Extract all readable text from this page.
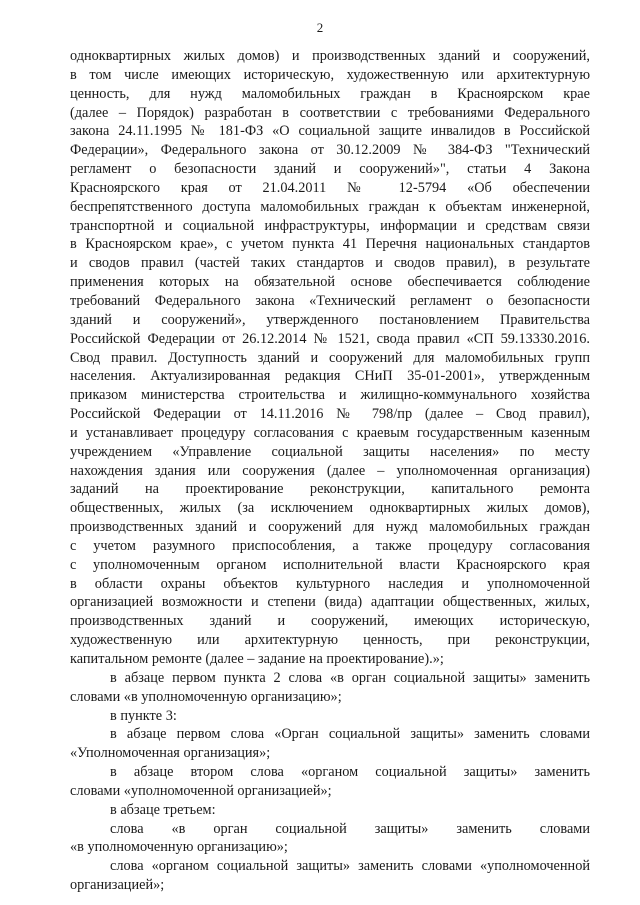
2
одноквартирных жилых домов) и производственных зданий и сооружений,
в том числе имеющих историческую, художественную или архитектурную
ценность, для нужд маломобильных граждан в Красноярском крае
(далее – Порядок) разработан в соответствии с требованиями Федерального
закона 24.11.1995 № 181-ФЗ «О социальной защите инвалидов в Российской
Федерации», Федерального закона от 30.12.2009 № 384-ФЗ "Технический
регламент о безопасности зданий и сооружений»", статьи 4 Закона
Красноярского края от 21.04.2011 № 12-5794 «Об обеспечении
беспрепятственного доступа маломобильных граждан к объектам инженерной,
транспортной и социальной инфраструктуры, информации и средствам связи
в Красноярском крае», с учетом пункта 41 Перечня национальных стандартов
и сводов правил (частей таких стандартов и сводов правил), в результате
применения которых на обязательной основе обеспечивается соблюдение
требований Федерального закона «Технический регламент о безопасности
зданий и сооружений», утвержденного постановлением Правительства
Российской Федерации от 26.12.2014 № 1521, свода правил «СП 59.13330.2016.
Свод правил. Доступность зданий и сооружений для маломобильных групп
населения. Актуализированная редакция СНиП 35-01-2001», утвержденным
приказом министерства строительства и жилищно-коммунального хозяйства
Российской Федерации от 14.11.2016 № 798/пр (далее – Свод правил),
и устанавливает процедуру согласования с краевым государственным казенным
учреждением «Управление социальной защиты населения» по месту
нахождения здания или сооружения (далее – уполномоченная организация)
заданий на проектирование реконструкции, капитального ремонта
общественных, жилых (за исключением одноквартирных жилых домов),
производственных зданий и сооружений для нужд маломобильных граждан
с учетом разумного приспособления, а также процедуру согласования
с уполномоченным органом исполнительной власти Красноярского края
в области охраны объектов культурного наследия и уполномоченной
организацией возможности и степени (вида) адаптации общественных, жилых,
производственных зданий и сооружений, имеющих историческую,
художественную или архитектурную ценность, при реконструкции,
капитальном ремонте (далее – задание на проектирование).»;
в абзаце первом пункта 2 слова «в орган социальной защиты» заменить
словами «в уполномоченную организацию»;
в пункте 3:
в абзаце первом слова «Орган социальной защиты» заменить словами
«Уполномоченная организация»;
в абзаце втором слова «органом социальной защиты» заменить
словами «уполномоченной организацией»;
в абзаце третьем:
слова «в орган социальной защиты» заменить словами
«в уполномоченную организацию»;
слова «органом социальной защиты» заменить словами «уполномоченной
организацией»;
